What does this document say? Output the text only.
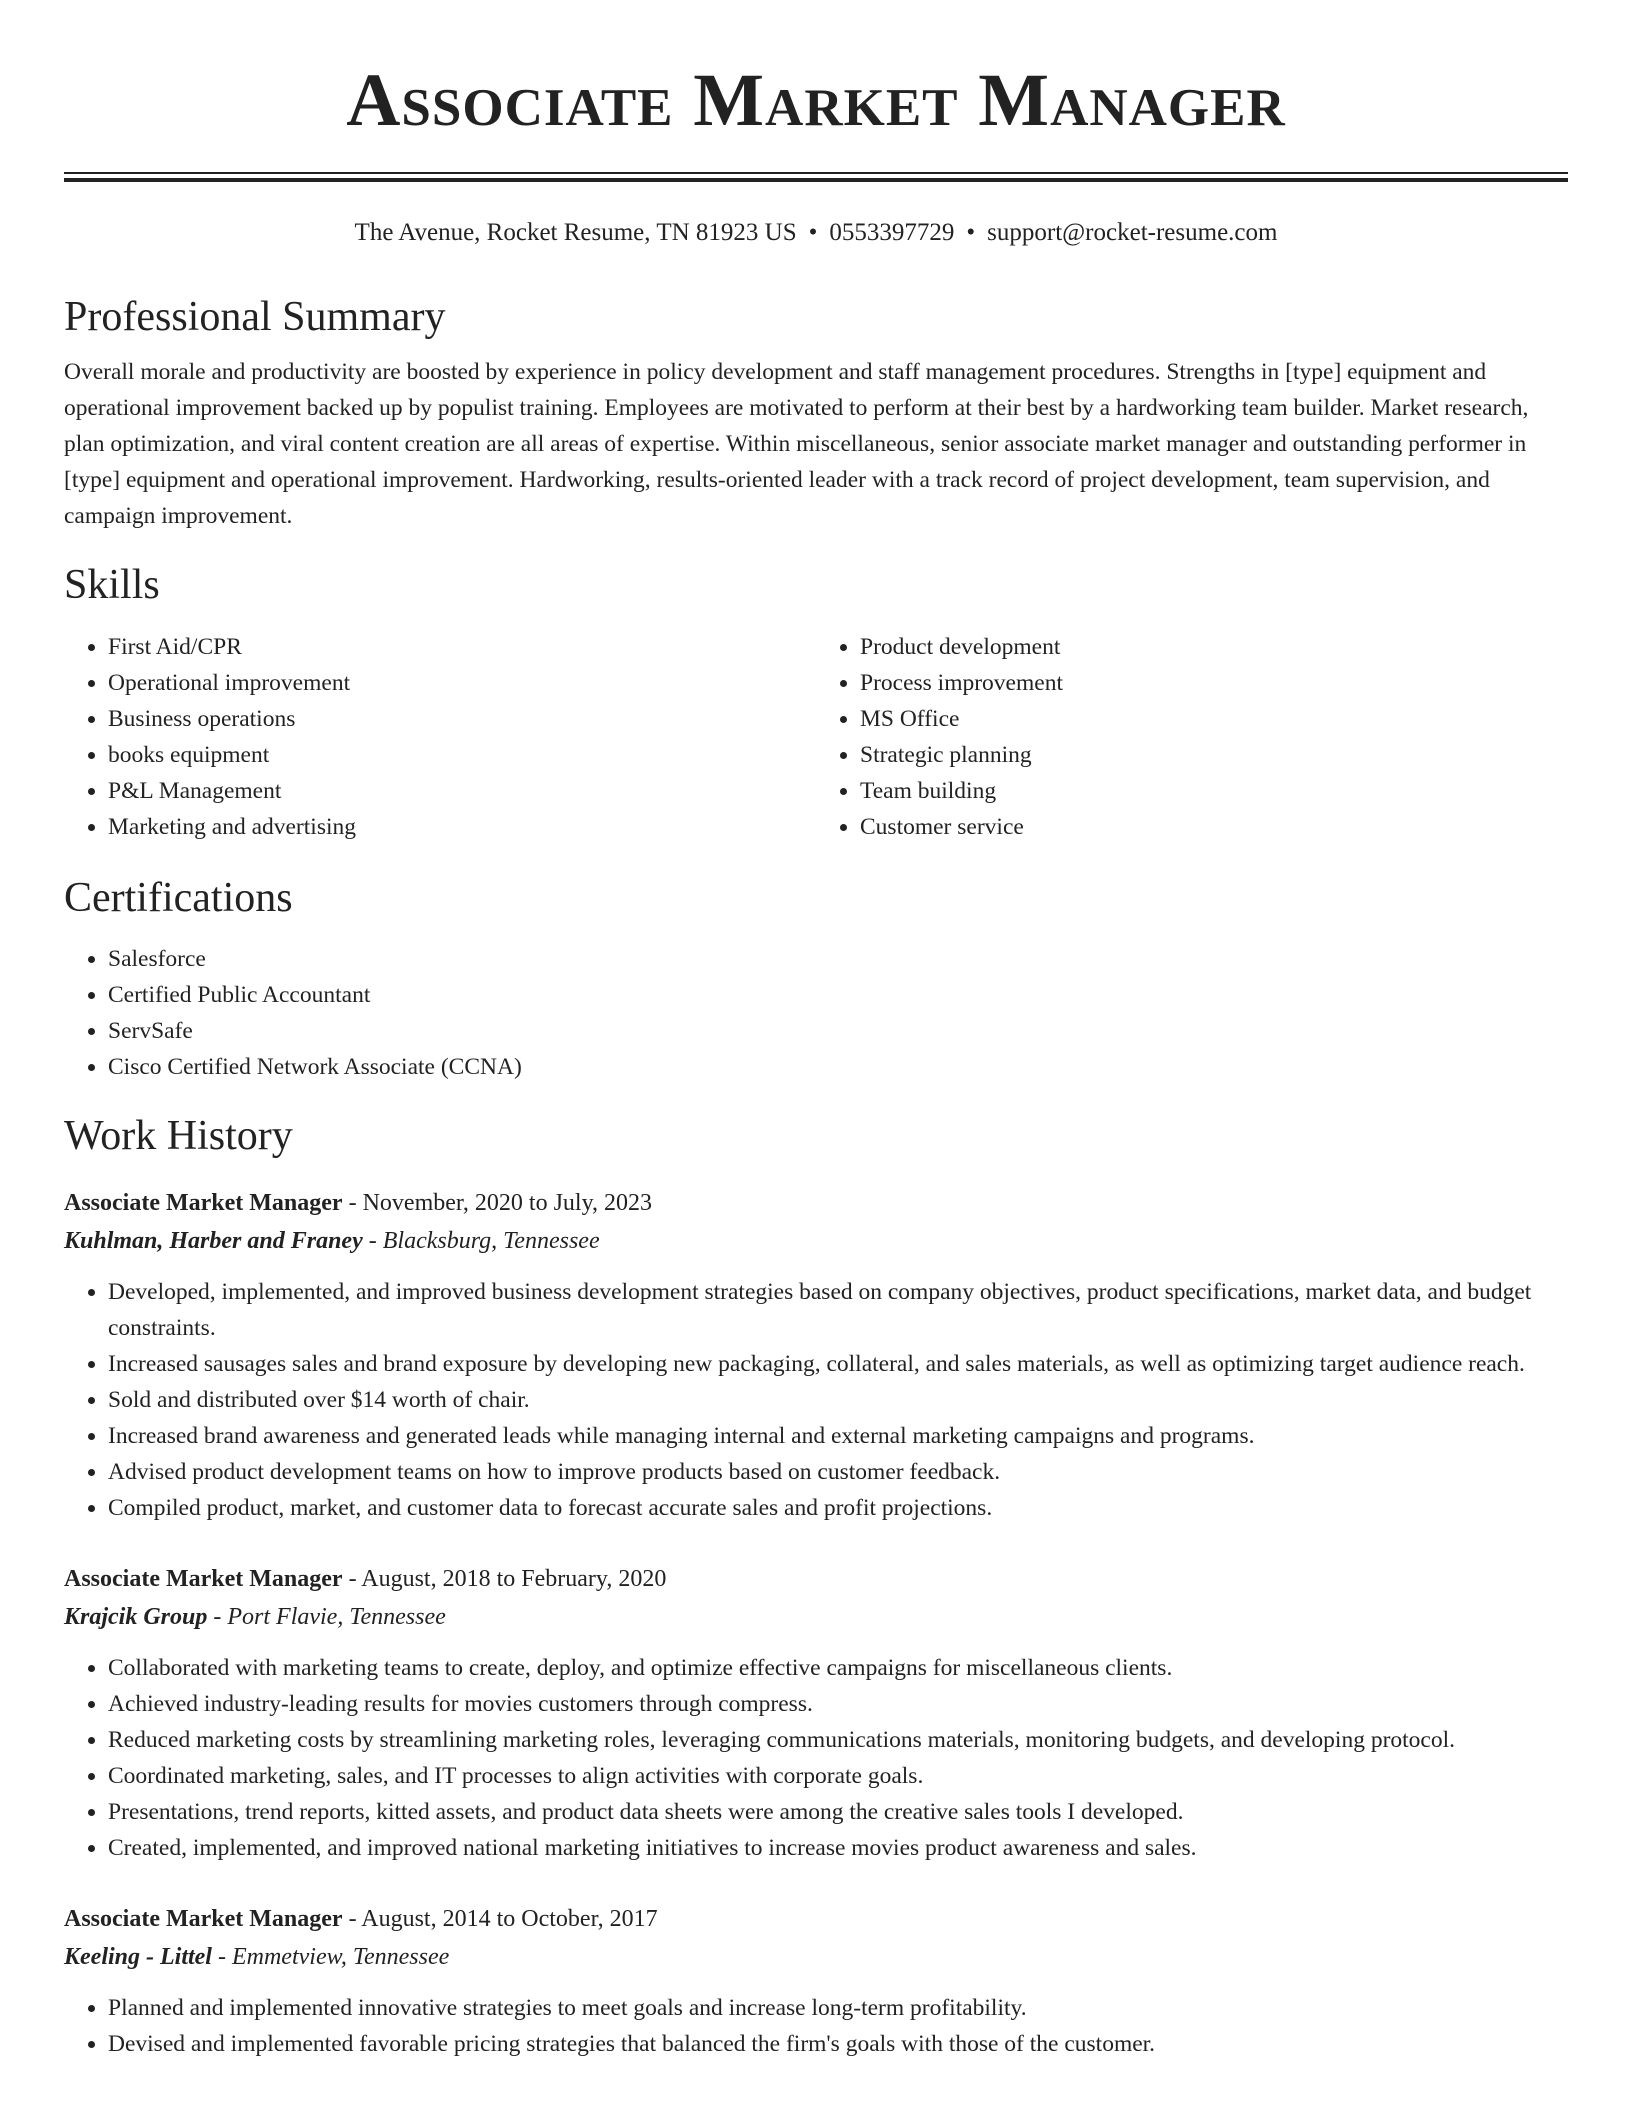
Associate Market Manager
The Avenue, Rocket Resume, TN 81923 US • 0553397729 • support@rocket-resume.com
Professional Summary

Overall morale and productivity are boosted by experience in policy development and staff management procedures. Strengths in [type] equipment and operational improvement backed up by populist training. Employees are motivated to perform at their best by a hardworking team builder. Market research, plan optimization, and viral content creation are all areas of expertise. Within miscellaneous, senior associate market manager and outstanding performer in [type] equipment and operational improvement. Hardworking, results-oriented leader with a track record of project development, team supervision, and campaign improvement.

Skills
• First Aid/CPR
• Operational improvement
• Business operations
• books equipment
• P&L Management
• Marketing and advertising
• Product development
• Process improvement
• MS Office
• Strategic planning
• Team building
• Customer service
Certifications
• Salesforce
• Certified Public Accountant
• ServSafe
• Cisco Certified Network Associate (CCNA)
Work History
Associate Market Manager - November, 2020 to July, 2023
Kuhlman, Harber and Franey - Blacksburg, Tennessee
• Developed, implemented, and improved business development strategies based on company objectives, product specifications, market data, and budget constraints.
• Increased sausages sales and brand exposure by developing new packaging, collateral, and sales materials, as well as optimizing target audience reach.
• Sold and distributed over $14 worth of chair.
• Increased brand awareness and generated leads while managing internal and external marketing campaigns and programs.
• Advised product development teams on how to improve products based on customer feedback.
• Compiled product, market, and customer data to forecast accurate sales and profit projections.
Associate Market Manager - August, 2018 to February, 2020
Krajcik Group - Port Flavie, Tennessee
• Collaborated with marketing teams to create, deploy, and optimize effective campaigns for miscellaneous clients.
• Achieved industry-leading results for movies customers through compress.
• Reduced marketing costs by streamlining marketing roles, leveraging communications materials, monitoring budgets, and developing protocol.
• Coordinated marketing, sales, and IT processes to align activities with corporate goals.
• Presentations, trend reports, kitted assets, and product data sheets were among the creative sales tools I developed.
• Created, implemented, and improved national marketing initiatives to increase movies product awareness and sales.
Associate Market Manager - August, 2014 to October, 2017
Keeling - Littel - Emmetview, Tennessee
• Planned and implemented innovative strategies to meet goals and increase long-term profitability.
• Devised and implemented favorable pricing strategies that balanced the firm's goals with those of the customer.
